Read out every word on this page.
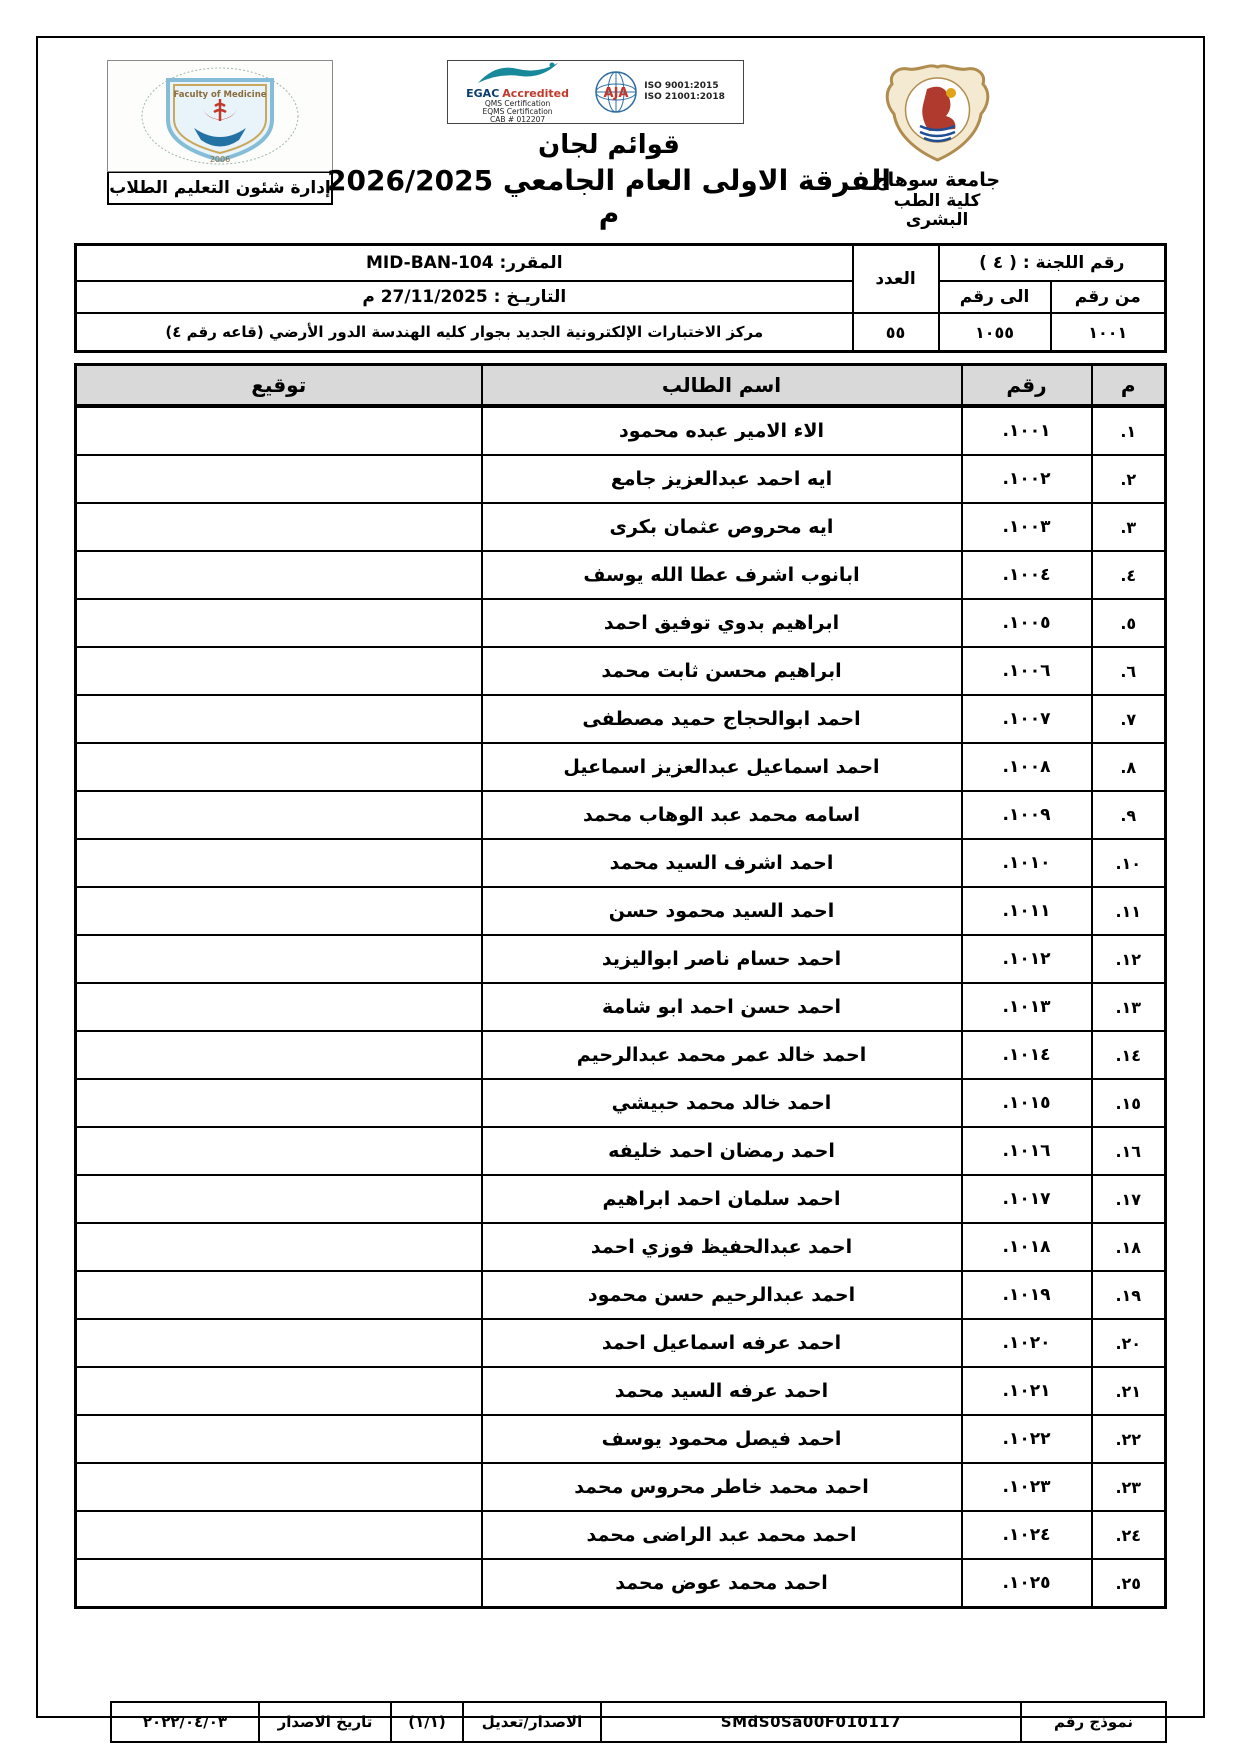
Faculty of Medicine
2006
إدارة شئون التعليم الطلاب
EGAC Accredited
QMS Certification
EQMS Certification
CAB # 012207
AJA
ISO 9001:2015
ISO 21001:2018
قوائم لجان
الفرقة الاولى العام الجامعي 2026/2025 م
جامعة سوهاج
كلية الطب البشرى
رقم اللجنة : ( ٤ )		العدد	المقرر: MID-BAN-104
من رقم	الى رقم		التاريـخ : 27/11/2025 م
١٠٠١	١٠٥٥	٥٥	مركز الاختبارات الإلكترونية الجديد بجوار كليه الهندسة الدور الأرضي (قاعه رقم ٤)
م	رقم	اسم الطالب	توقيع
١.	١٠٠١.	الاء الامير عبده محمود	
٢.	١٠٠٢.	ايه احمد عبدالعزيز جامع	
٣.	١٠٠٣.	ايه محروص عثمان بكرى	
٤.	١٠٠٤.	ابانوب اشرف عطا الله يوسف	
٥.	١٠٠٥.	ابراهيم بدوي توفيق احمد	
٦.	١٠٠٦.	ابراهيم محسن ثابت محمد	
٧.	١٠٠٧.	احمد ابوالحجاج حميد مصطفى	
٨.	١٠٠٨.	احمد اسماعيل عبدالعزيز اسماعيل	
٩.	١٠٠٩.	اسامه محمد عبد الوهاب محمد	
١٠.	١٠١٠.	احمد اشرف السيد محمد	
١١.	١٠١١.	احمد السيد محمود حسن	
١٢.	١٠١٢.	احمد حسام ناصر ابواليزيد	
١٣.	١٠١٣.	احمد حسن احمد ابو شامة	
١٤.	١٠١٤.	احمد خالد عمر محمد عبدالرحيم	
١٥.	١٠١٥.	احمد خالد محمد حبيشي	
١٦.	١٠١٦.	احمد رمضان احمد خليفه	
١٧.	١٠١٧.	احمد سلمان احمد ابراهيم	
١٨.	١٠١٨.	احمد عبدالحفيظ فوزي احمد	
١٩.	١٠١٩.	احمد عبدالرحيم حسن محمود	
٢٠.	١٠٢٠.	احمد عرفه اسماعيل احمد	
٢١.	١٠٢١.	احمد عرفه السيد محمد	
٢٢.	١٠٢٢.	احمد فيصل محمود يوسف	
٢٣.	١٠٢٣.	احمد محمد خاطر محروس محمد	
٢٤.	١٠٢٤.	احمد محمد عبد الراضى محمد	
٢٥.	١٠٢٥.	احمد محمد عوض محمد	
نموذج رقم	SMdS0Sa00F010117	الاصدار/تعديل	(١/١)	تاريخ الاصدار	٢٠٢٢/٠٤/٠٣
